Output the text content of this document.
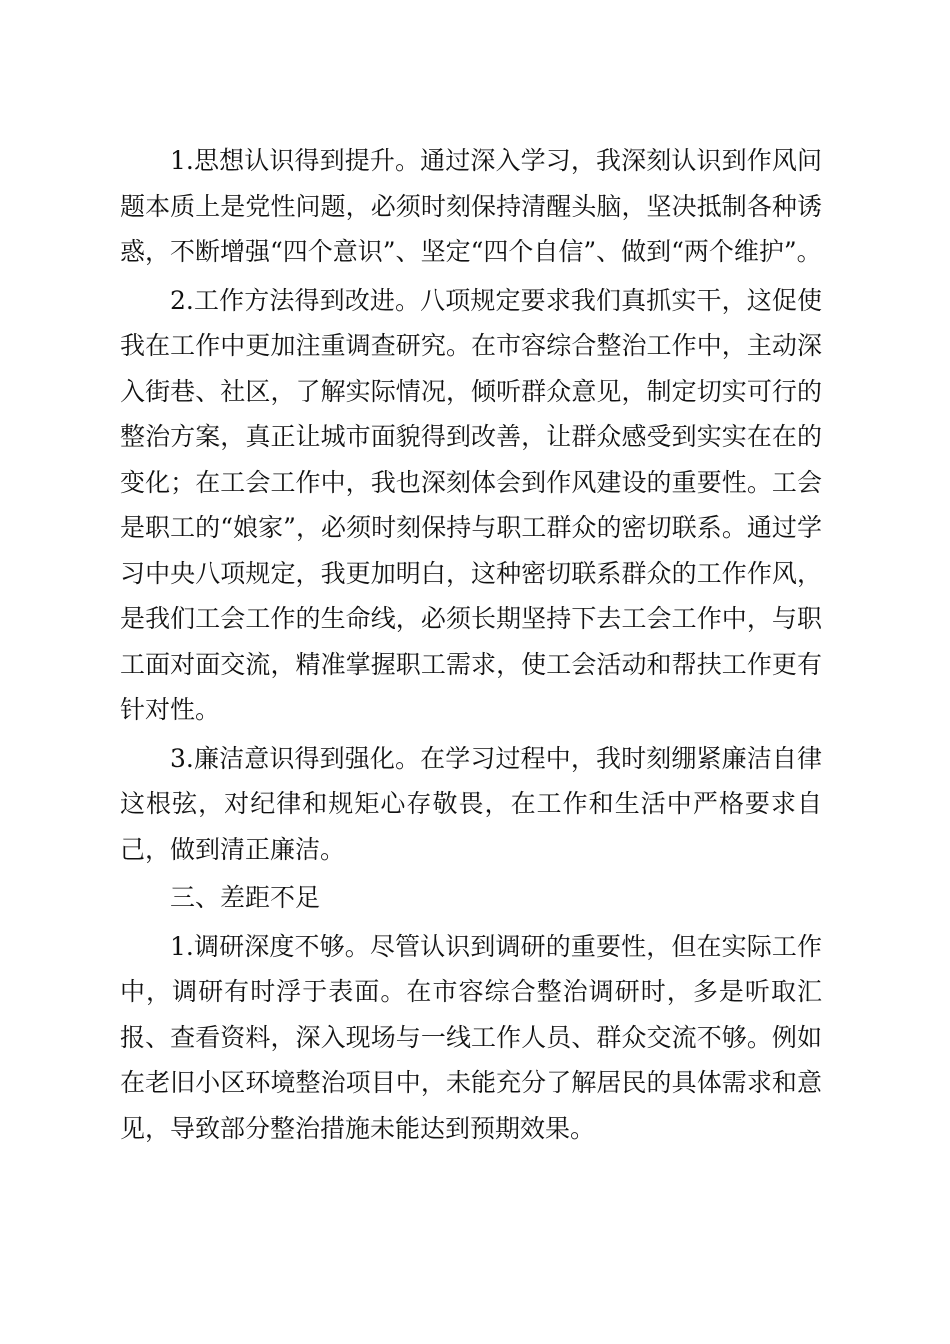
1.思想认识得到提升。通过深入学习，我深刻认识到作风问题本质上是党性问题，必须时刻保持清醒头脑，坚决抵制各种诱惑，不断增强“四个意识”、坚定“四个自信”、做到“两个维护”。

2.工作方法得到改进。八项规定要求我们真抓实干，这促使我在工作中更加注重调查研究。在市容综合整治工作中，主动深入街巷、社区，了解实际情况，倾听群众意见，制定切实可行的整治方案，真正让城市面貌得到改善，让群众感受到实实在在的变化；在工会工作中，我也深刻体会到作风建设的重要性。工会是职工的“娘家”，必须时刻保持与职工群众的密切联系。通过学习中央八项规定，我更加明白，这种密切联系群众的工作作风，是我们工会工作的生命线，必须长期坚持下去工会工作中，与职工面对面交流，精准掌握职工需求，使工会活动和帮扶工作更有针对性。

3.廉洁意识得到强化。在学习过程中，我时刻绷紧廉洁自律这根弦，对纪律和规矩心存敬畏，在工作和生活中严格要求自己，做到清正廉洁。

三、差距不足

1.调研深度不够。尽管认识到调研的重要性，但在实际工作中，调研有时浮于表面。在市容综合整治调研时，多是听取汇报、查看资料，深入现场与一线工作人员、群众交流不够。例如在老旧小区环境整治项目中，未能充分了解居民的具体需求和意见，导致部分整治措施未能达到预期效果。
